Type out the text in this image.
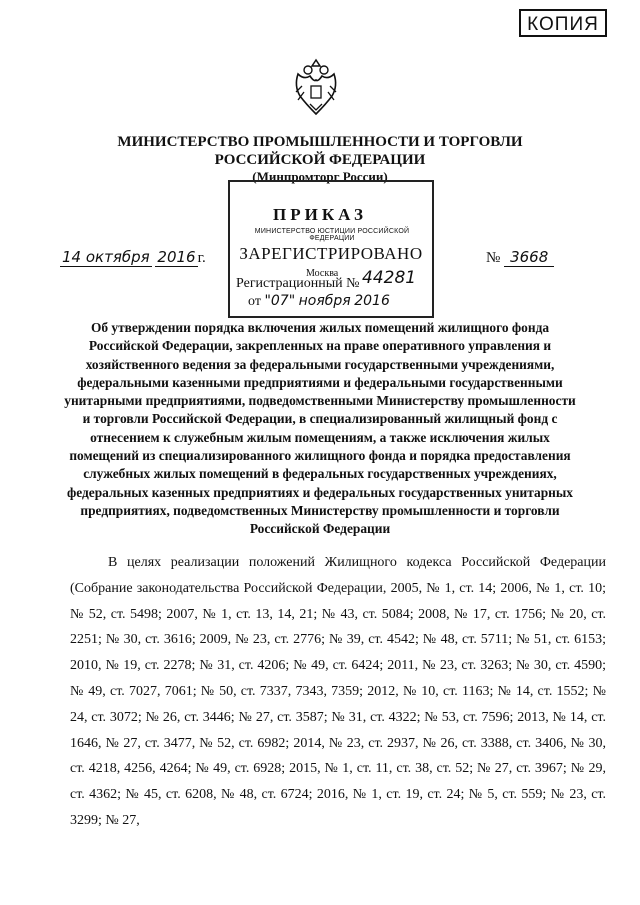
КОПИЯ
МИНИСТЕРСТВО ПРОМЫШЛЕННОСТИ И ТОРГОВЛИ
РОССИЙСКОЙ ФЕДЕРАЦИИ
(Минпромторг России)
ПРИКАЗ
МИНИСТЕРСТВО ЮСТИЦИИ РОССИЙСКОЙ ФЕДЕРАЦИИ
ЗАРЕГИСТРИРОВАНО
Москва
Регистрационный № 44281
от "07" ноября 2016
14 октября 2016 г.	№ 3668
Об утверждении порядка включения жилых помещений жилищного фонда Российской Федерации, закрепленных на праве оперативного управления и хозяйственного ведения за федеральными государственными учреждениями, федеральными казенными предприятиями и федеральными государственными унитарными предприятиями, подведомственными Министерству промышленности и торговли Российской Федерации, в специализированный жилищный фонд с отнесением к служебным жилым помещениям, а также исключения жилых помещений из специализированного жилищного фонда и порядка предоставления служебных жилых помещений в федеральных государственных учреждениях, федеральных казенных предприятиях и федеральных государственных унитарных предприятиях, подведомственных Министерству промышленности и торговли Российской Федерации

В целях реализации положений Жилищного кодекса Российской Федерации (Собрание законодательства Российской Федерации, 2005, № 1, ст. 14; 2006, № 1, ст. 10; № 52, ст. 5498; 2007, № 1, ст. 13, 14, 21; № 43, ст. 5084; 2008, № 17, ст. 1756; № 20, ст. 2251; № 30, ст. 3616; 2009, № 23, ст. 2776; № 39, ст. 4542; № 48, ст. 5711; № 51, ст. 6153; 2010, № 19, ст. 2278; № 31, ст. 4206; № 49, ст. 6424; 2011, № 23, ст. 3263; № 30, ст. 4590; № 49, ст. 7027, 7061; № 50, ст. 7337, 7343, 7359; 2012, № 10, ст. 1163; № 14, ст. 1552; № 24, ст. 3072; № 26, ст. 3446; № 27, ст. 3587; № 31, ст. 4322; № 53, ст. 7596; 2013, № 14, ст. 1646, № 27, ст. 3477, № 52, ст. 6982; 2014, № 23, ст. 2937, № 26, ст. 3388, ст. 3406, № 30, ст. 4218, 4256, 4264; № 49, ст. 6928; 2015, № 1, ст. 11, ст. 38, ст. 52; № 27, ст. 3967; № 29, ст. 4362; № 45, ст. 6208, № 48, ст. 6724; 2016, № 1, ст. 19, ст. 24; № 5, ст. 559; № 23, ст. 3299; № 27,
